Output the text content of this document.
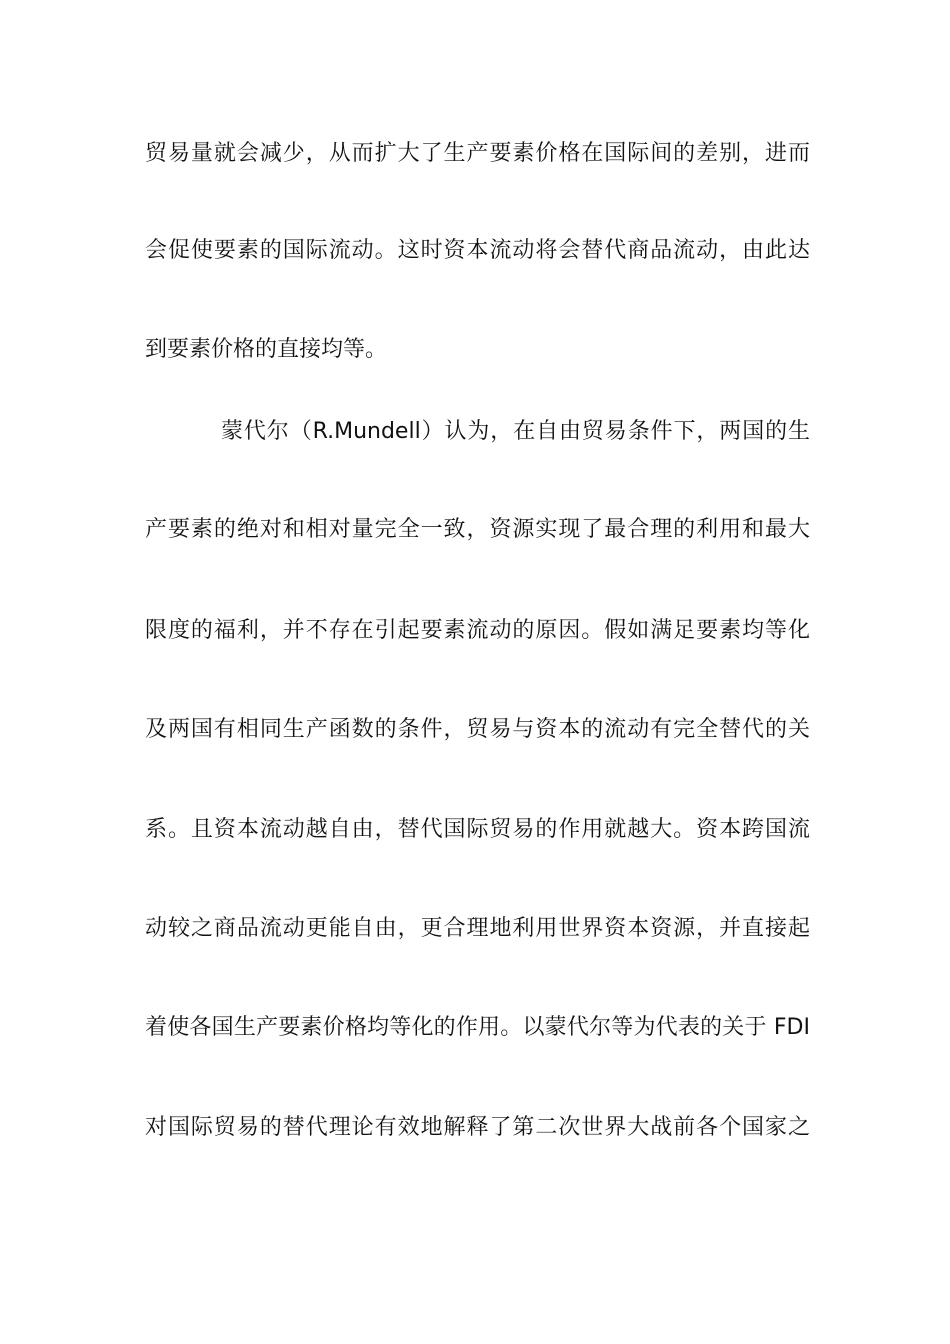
贸易量就会减少，从而扩大了生产要素价格在国际间的差别，进而
会促使要素的国际流动。这时资本流动将会替代商品流动，由此达
到要素价格的直接均等。
蒙代尔（R.Mundell）认为，在自由贸易条件下，两国的生
产要素的绝对和相对量完全一致，资源实现了最合理的利用和最大
限度的福利，并不存在引起要素流动的原因。假如满足要素均等化
及两国有相同生产函数的条件，贸易与资本的流动有完全替代的关
系。且资本流动越自由，替代国际贸易的作用就越大。资本跨国流
动较之商品流动更能自由，更合理地利用世界资本资源，并直接起
着使各国生产要素价格均等化的作用。以蒙代尔等为代表的关于 FDI
对国际贸易的替代理论有效地解释了第二次世界大战前各个国家之
